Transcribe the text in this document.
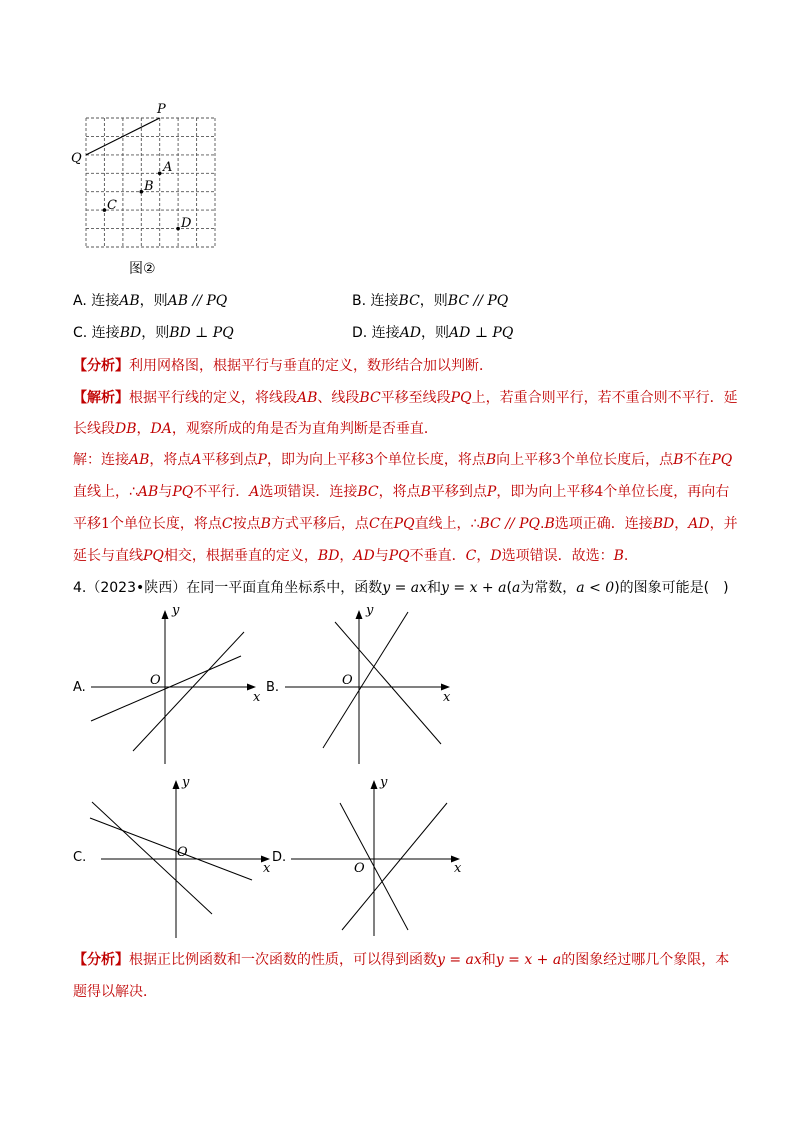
P
Q
A
B
C
D
图②
A. 连接AB，则AB // PQ	B. 连接BC，则BC // PQ
C. 连接BD，则BD ⊥ PQ	D. 连接AD，则AD ⊥ PQ
【分析】利用网格图，根据平行与垂直的定义，数形结合加以判断．
【解析】根据平行线的定义，将线段AB、线段BC平移至线段PQ上，若重合则平行，若不重合则不平行．延
长线段DB，DA，观察所成的角是否为直角判断是否垂直．
解：连接AB，将点A平移到点P，即为向上平移3个单位长度，将点B向上平移3个单位长度后，点B不在PQ
直线上，∴AB与PQ不平行．A选项错误．连接BC，将点B平移到点P，即为向上平移4个单位长度，再向右
平移1个单位长度，将点C按点B方式平移后，点C在PQ直线上，∴BC // PQ.B选项正确．连接BD，AD，并
延长与直线PQ相交，根据垂直的定义，BD，AD与PQ不垂直．C，D选项错误．故选：B.
4.（2023•陕西）在同一平面直角坐标系中，函数y = ax和y = x + a(a为常数，a < 0)的图象可能是(　)
A.	O
x
y
B.	O
x
y
C.	O
x
y
D.
O	x
y
【分析】根据正比例函数和一次函数的性质，可以得到函数y = ax和y = x + a的图象经过哪几个象限，本
题得以解决．
